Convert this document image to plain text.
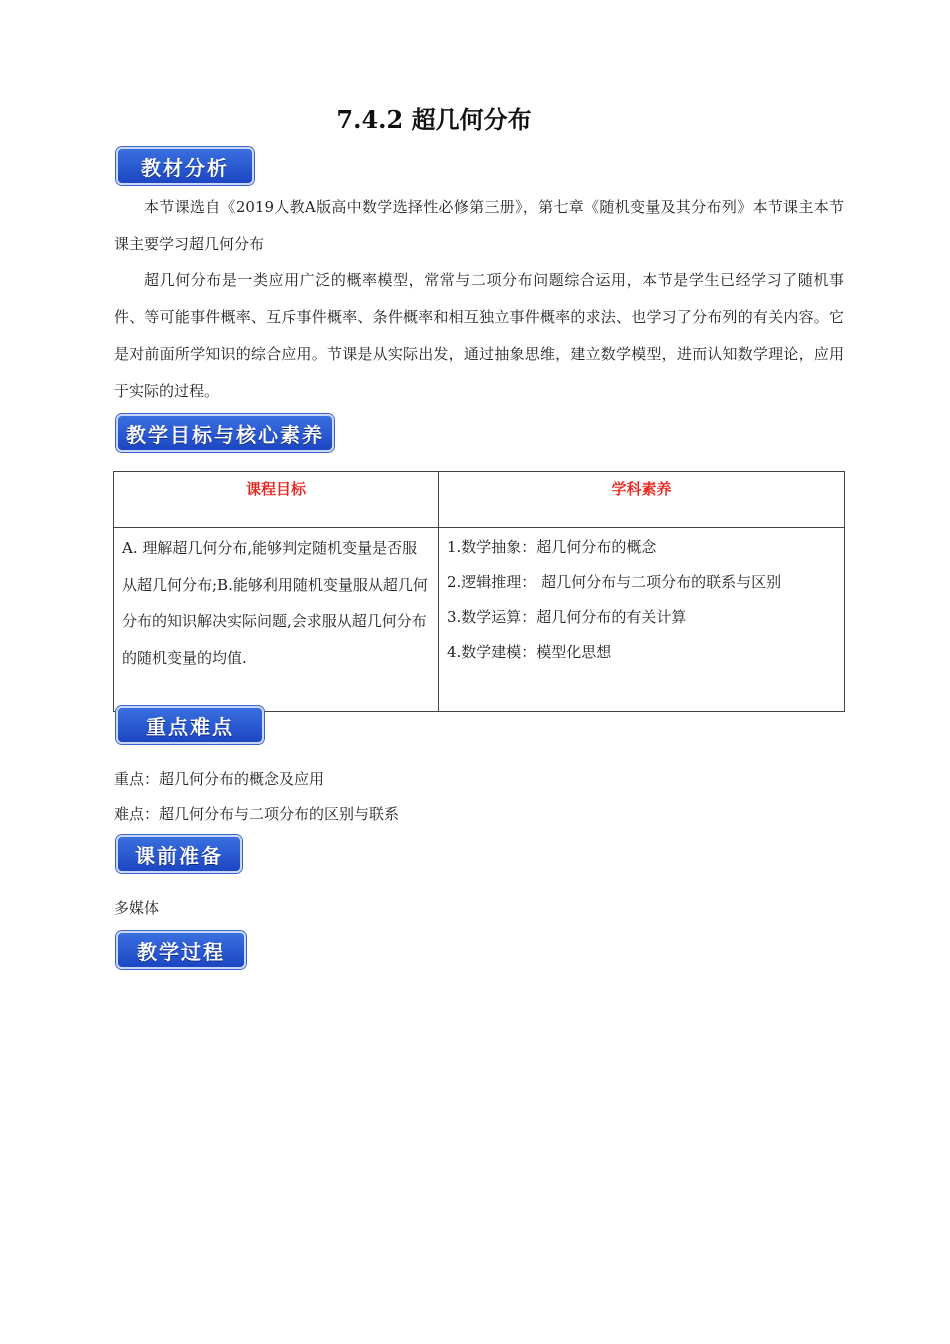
7.4.2 超几何分布
教材分析

本节课选自《2019人教A版高中数学选择性必修第三册》，第七章《随机变量及其分布列》本节课主本节课主要学习超几何分布

超几何分布是一类应用广泛的概率模型，常常与二项分布问题综合运用，本节是学生已经学习了随机事件、等可能事件概率、互斥事件概率、条件概率和相互独立事件概率的求法、也学习了分布列的有关内容。它是对前面所学知识的综合应用。节课是从实际出发，通过抽象思维，建立数学模型，进而认知数学理论，应用于实际的过程。

教学目标与核心素养
课程目标	学科素养
A. 理解超几何分布,能够判定随机变量是否服从超几何分布;B.能够利用随机变量服从超几何分布的知识解决实际问题,会求服从超几何分布的随机变量的均值.	1.数学抽象：超几何分布的概念
2.逻辑推理： 超几何分布与二项分布的联系与区别
3.数学运算：超几何分布的有关计算
4.数学建模：模型化思想
重点难点
重点：超几何分布的概念及应用
难点：超几何分布与二项分布的区别与联系
课前准备
多媒体
教学过程
